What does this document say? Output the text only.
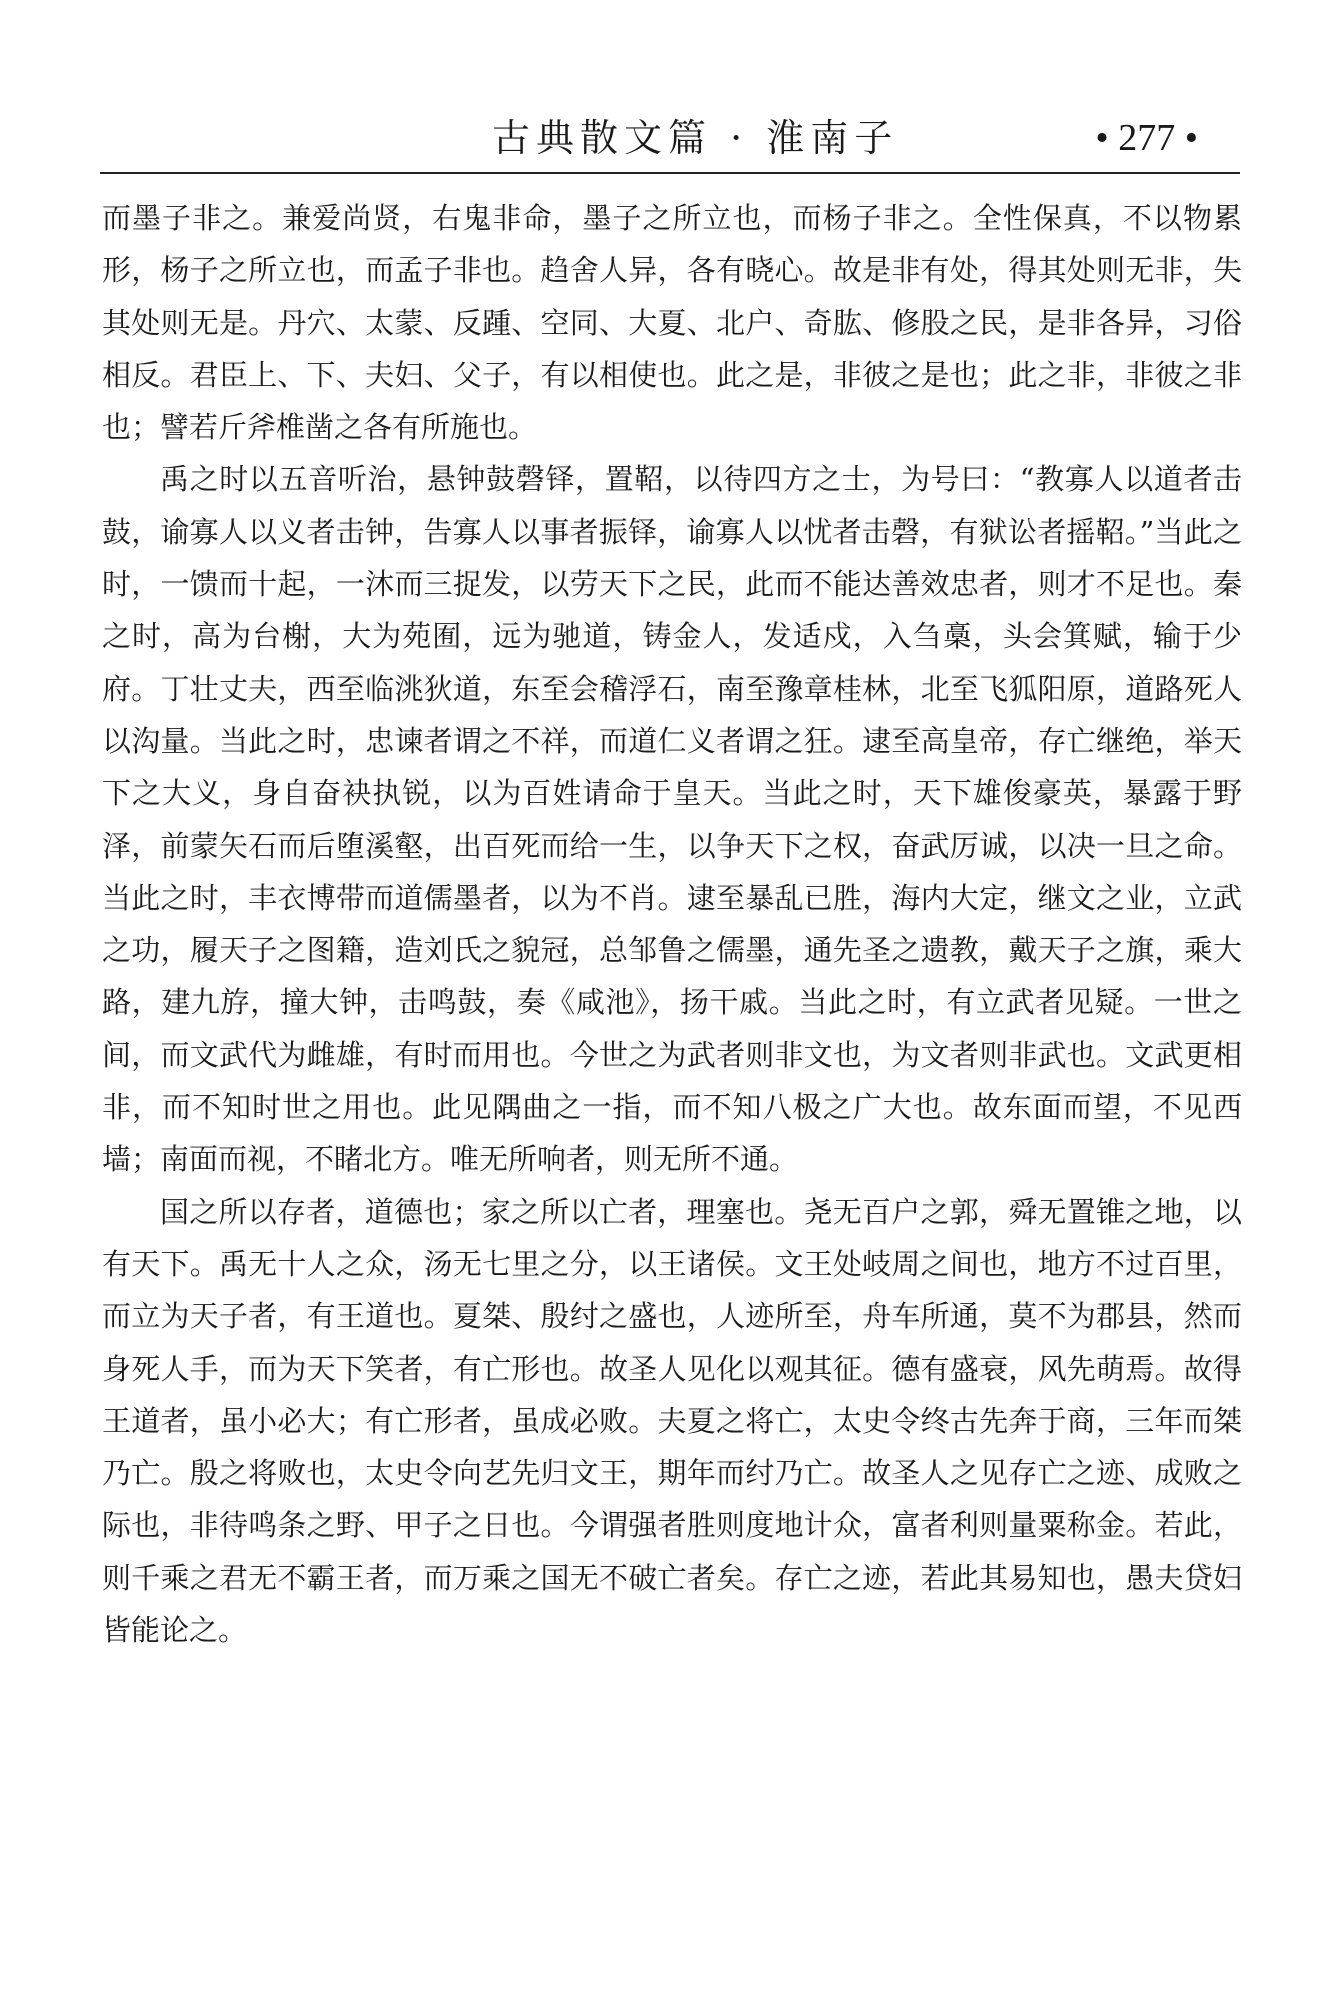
古典散文篇 · 淮南子	• 277 •

而墨子非之。兼爱尚贤，右鬼非命，墨子之所立也，而杨子非之。全性保真，不以物累形，杨子之所立也，而孟子非也。趋舍人异，各有晓心。故是非有处，得其处则无非，失其处则无是。丹穴、太蒙、反踵、空同、大夏、北户、奇肱、修股之民，是非各异，习俗相反。君臣上、下、夫妇、父子，有以相使也。此之是，非彼之是也；此之非，非彼之非也；譬若斤斧椎凿之各有所施也。

禹之时以五音听治，悬钟鼓磬铎，置鞀，以待四方之士，为号曰：“教寡人以道者击鼓，谕寡人以义者击钟，告寡人以事者振铎，谕寡人以忧者击磬，有狱讼者摇鞀。”当此之时，一馈而十起，一沐而三捉发，以劳天下之民，此而不能达善效忠者，则才不足也。秦之时，高为台榭，大为苑囿，远为驰道，铸金人，发适戍，入刍槀，头会箕赋，输于少府。丁壮丈夫，西至临洮狄道，东至会稽浮石，南至豫章桂林，北至飞狐阳原，道路死人以沟量。当此之时，忠谏者谓之不祥，而道仁义者谓之狂。逮至高皇帝，存亡继绝，举天下之大义，身自奋袂执锐，以为百姓请命于皇天。当此之时，天下雄俊豪英，暴露于野泽，前蒙矢石而后堕溪壑，出百死而给一生，以争天下之权，奋武厉诚，以决一旦之命。当此之时，丰衣博带而道儒墨者，以为不肖。逮至暴乱已胜，海内大定，继文之业，立武之功，履天子之图籍，造刘氏之貌冠，总邹鲁之儒墨，通先圣之遗教，戴天子之旗，乘大路，建九斿，撞大钟，击鸣鼓，奏《咸池》，扬干戚。当此之时，有立武者见疑。一世之间，而文武代为雌雄，有时而用也。今世之为武者则非文也，为文者则非武也。文武更相非，而不知时世之用也。此见隅曲之一指，而不知八极之广大也。故东面而望，不见西墙；南面而视，不睹北方。唯无所响者，则无所不通。

国之所以存者，道德也；家之所以亡者，理塞也。尧无百户之郭，舜无置锥之地，以有天下。禹无十人之众，汤无七里之分，以王诸侯。文王处岐周之间也，地方不过百里，而立为天子者，有王道也。夏桀、殷纣之盛也，人迹所至，舟车所通，莫不为郡县，然而身死人手，而为天下笑者，有亡形也。故圣人见化以观其征。德有盛衰，风先萌焉。故得王道者，虽小必大；有亡形者，虽成必败。夫夏之将亡，太史令终古先奔于商，三年而桀乃亡。殷之将败也，太史令向艺先归文王，期年而纣乃亡。故圣人之见存亡之迹、成败之际也，非待鸣条之野、甲子之日也。今谓强者胜则度地计众，富者利则量粟称金。若此，则千乘之君无不霸王者，而万乘之国无不破亡者矣。存亡之迹，若此其易知也，愚夫贷妇皆能论之。
